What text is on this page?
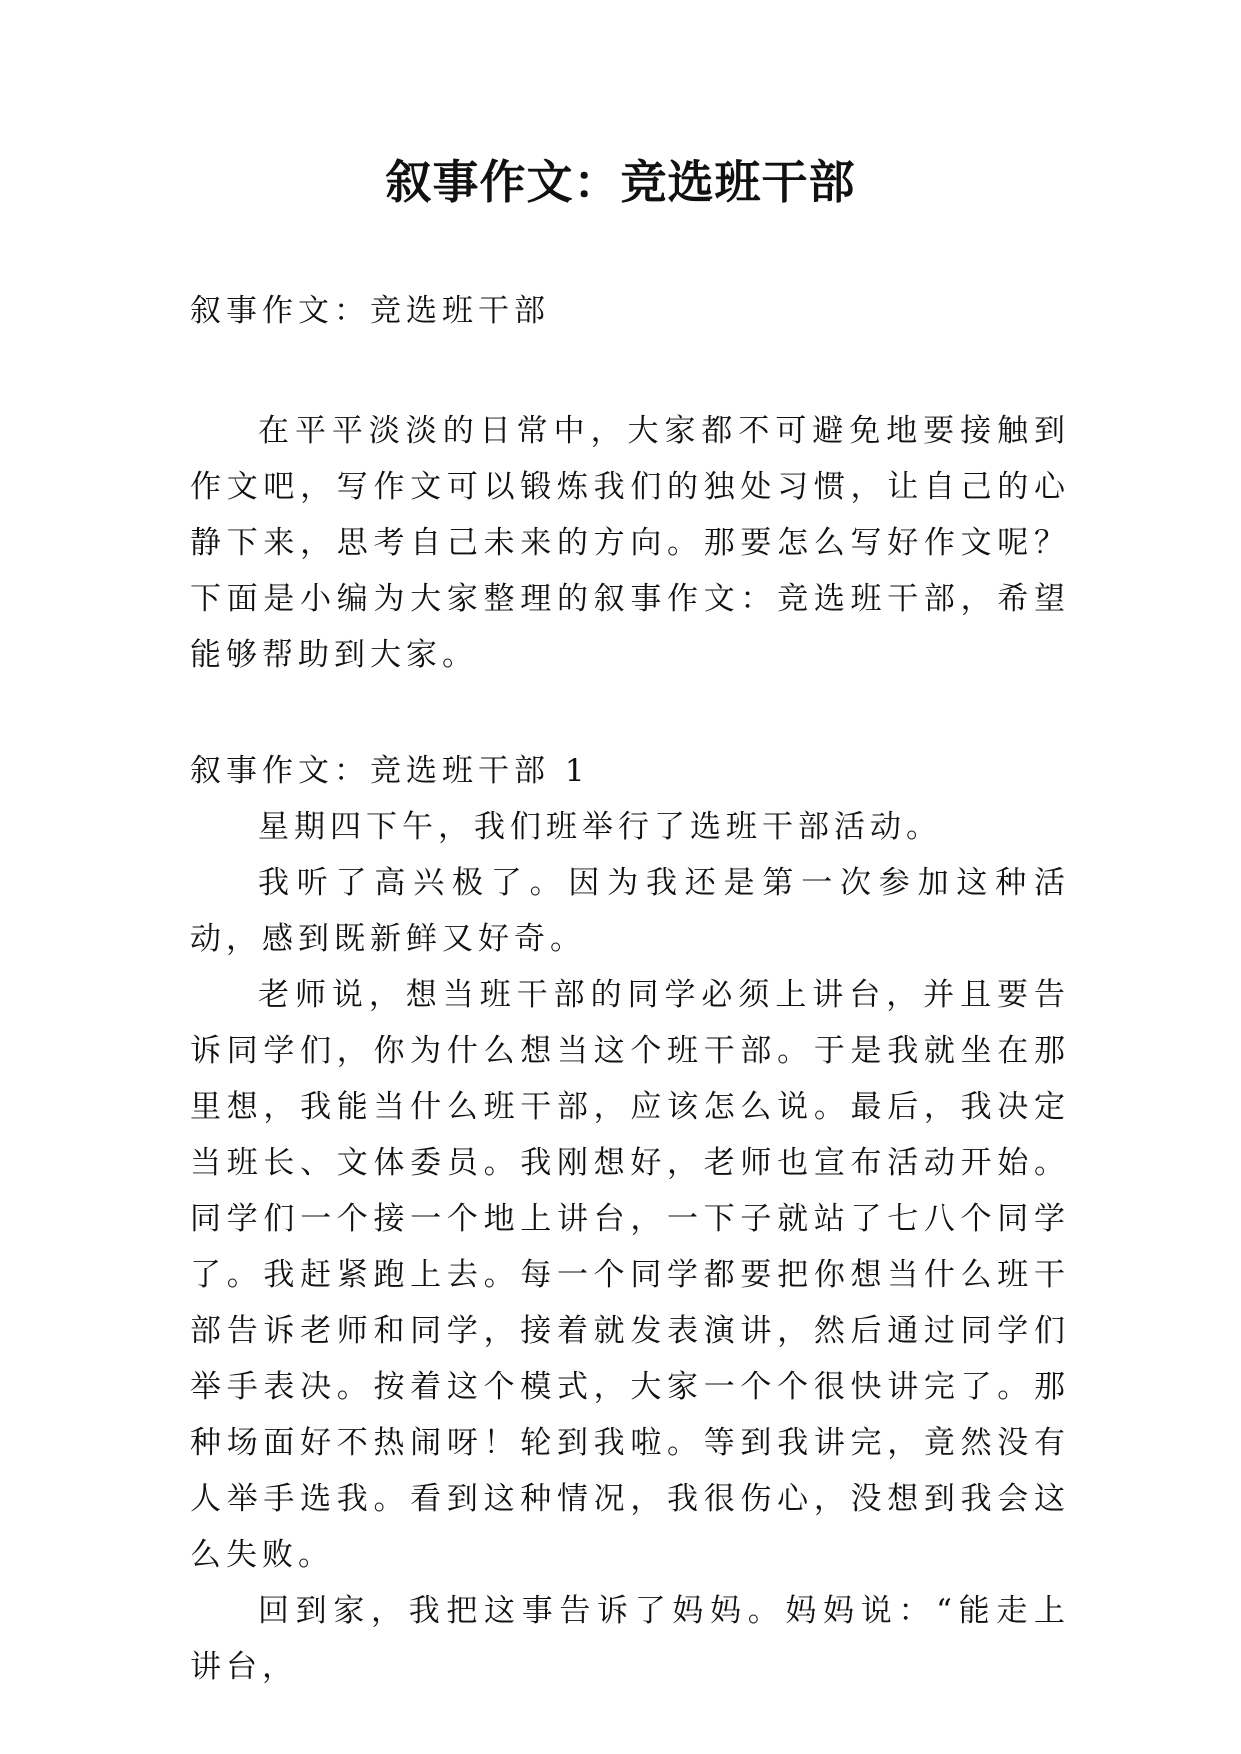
叙事作文：竞选班干部

叙事作文：竞选班干部

在平平淡淡的日常中，大家都不可避免地要接触到作文吧，写作文可以锻炼我们的独处习惯，让自己的心静下来，思考自己未来的方向。那要怎么写好作文呢？下面是小编为大家整理的叙事作文：竞选班干部，希望能够帮助到大家。

叙事作文：竞选班干部 1

星期四下午，我们班举行了选班干部活动。

我听了高兴极了。因为我还是第一次参加这种活动，感到既新鲜又好奇。

老师说，想当班干部的同学必须上讲台，并且要告诉同学们，你为什么想当这个班干部。于是我就坐在那里想，我能当什么班干部，应该怎么说。最后，我决定当班长、文体委员。我刚想好，老师也宣布活动开始。同学们一个接一个地上讲台，一下子就站了七八个同学了。我赶紧跑上去。每一个同学都要把你想当什么班干部告诉老师和同学，接着就发表演讲，然后通过同学们举手表决。按着这个模式，大家一个个很快讲完了。那种场面好不热闹呀！轮到我啦。等到我讲完，竟然没有人举手选我。看到这种情况，我很伤心，没想到我会这么失败。

回到家，我把这事告诉了妈妈。妈妈说：“能走上讲台，
